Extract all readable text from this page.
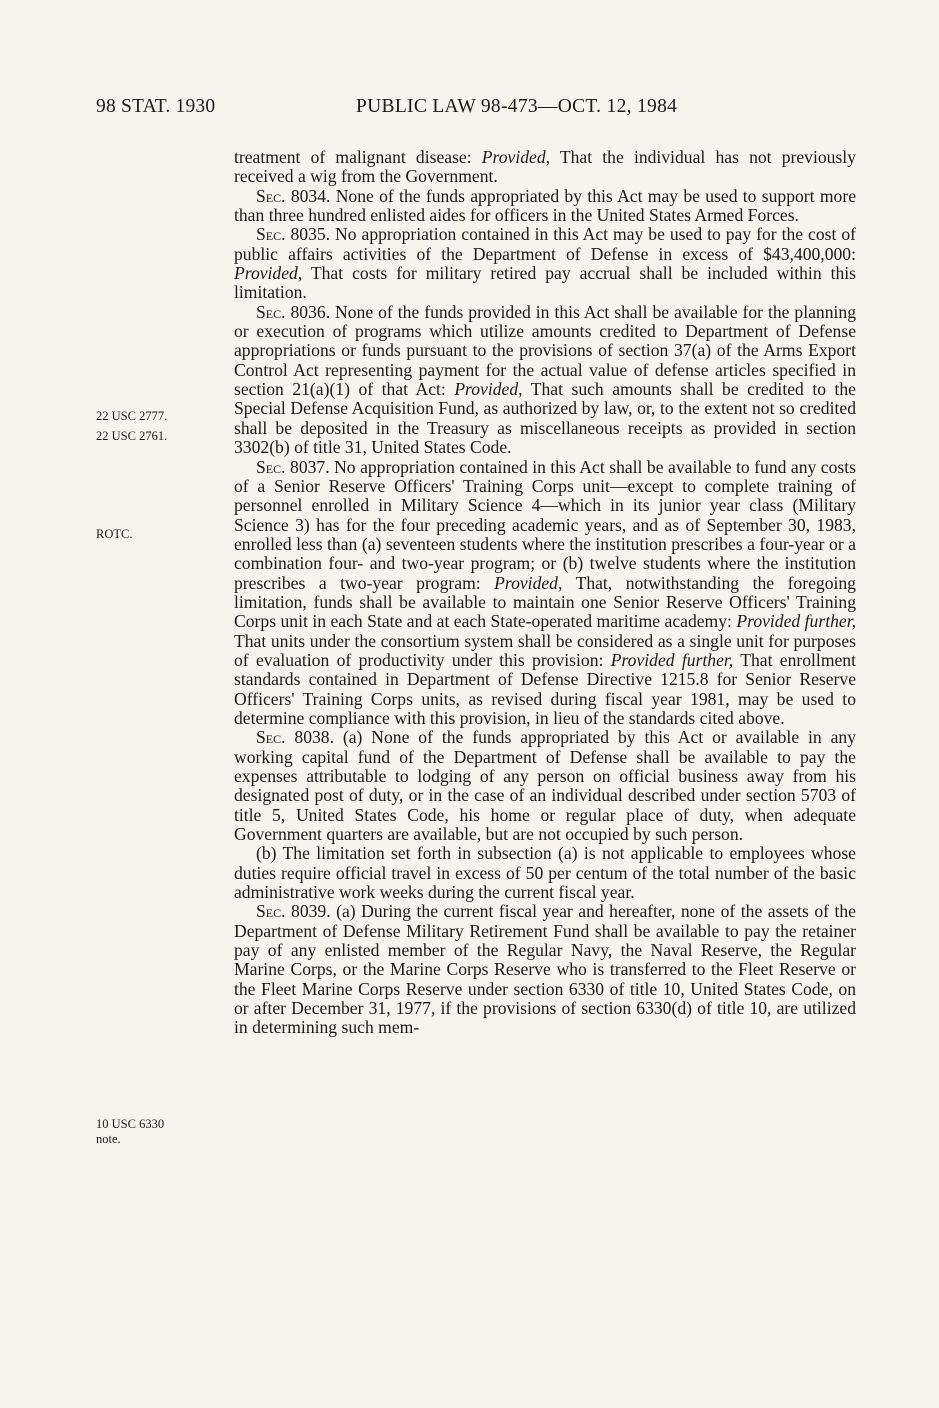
98 STAT. 1930	PUBLIC LAW 98-473—OCT. 12, 1984
22 USC 2777.
22 USC 2761.
ROTC.
10 USC 6330
note.

treatment of malignant disease: Provided, That the individual has not previously received a wig from the Government.

Sec. 8034. None of the funds appropriated by this Act may be used to support more than three hundred enlisted aides for officers in the United States Armed Forces.

Sec. 8035. No appropriation contained in this Act may be used to pay for the cost of public affairs activities of the Department of Defense in excess of $43,400,000: Provided, That costs for military retired pay accrual shall be included within this limitation.

Sec. 8036. None of the funds provided in this Act shall be available for the planning or execution of programs which utilize amounts credited to Department of Defense appropriations or funds pursuant to the provisions of section 37(a) of the Arms Export Control Act representing payment for the actual value of defense articles specified in section 21(a)(1) of that Act: Provided, That such amounts shall be credited to the Special Defense Acquisition Fund, as authorized by law, or, to the extent not so credited shall be deposited in the Treasury as miscellaneous receipts as provided in section 3302(b) of title 31, United States Code.

Sec. 8037. No appropriation contained in this Act shall be available to fund any costs of a Senior Reserve Officers' Training Corps unit—except to complete training of personnel enrolled in Military Science 4—which in its junior year class (Military Science 3) has for the four preceding academic years, and as of September 30, 1983, enrolled less than (a) seventeen students where the institution prescribes a four-year or a combination four- and two-year program; or (b) twelve students where the institution prescribes a two-year program: Provided, That, notwithstanding the foregoing limitation, funds shall be available to maintain one Senior Reserve Officers' Training Corps unit in each State and at each State-operated maritime academy: Provided further, That units under the consortium system shall be considered as a single unit for purposes of evaluation of productivity under this provision: Provided further, That enrollment standards contained in Department of Defense Directive 1215.8 for Senior Reserve Officers' Training Corps units, as revised during fiscal year 1981, may be used to determine compliance with this provision, in lieu of the standards cited above.

Sec. 8038. (a) None of the funds appropriated by this Act or available in any working capital fund of the Department of Defense shall be available to pay the expenses attributable to lodging of any person on official business away from his designated post of duty, or in the case of an individual described under section 5703 of title 5, United States Code, his home or regular place of duty, when adequate Government quarters are available, but are not occupied by such person.

(b) The limitation set forth in subsection (a) is not applicable to employees whose duties require official travel in excess of 50 per centum of the total number of the basic administrative work weeks during the current fiscal year.

Sec. 8039. (a) During the current fiscal year and hereafter, none of the assets of the Department of Defense Military Retirement Fund shall be available to pay the retainer pay of any enlisted member of the Regular Navy, the Naval Reserve, the Regular Marine Corps, or the Marine Corps Reserve who is transferred to the Fleet Reserve or the Fleet Marine Corps Reserve under section 6330 of title 10, United States Code, on or after December 31, 1977, if the provisions of section 6330(d) of title 10, are utilized in determining such mem-
